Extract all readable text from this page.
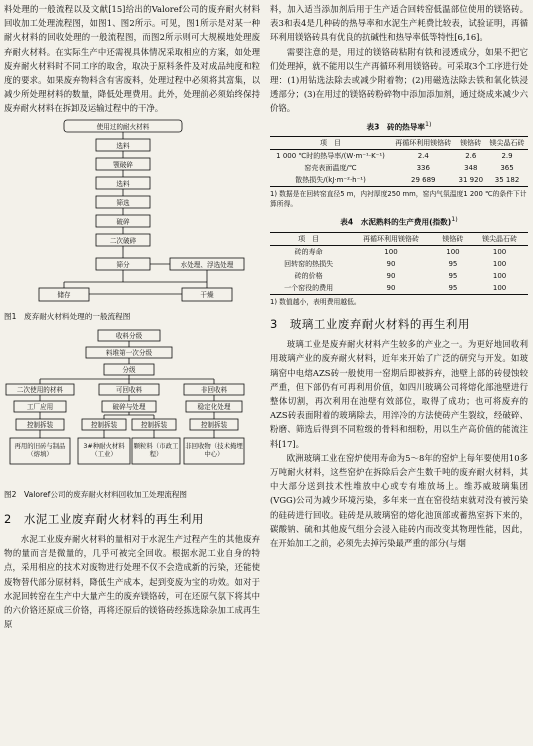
料处理的一般流程以及文献[15]给出的Valoref公司的废弃耐火材料回收加工处理流程图，如图1、图2所示。可见，图1所示是对某一种耐火材料的回收处理的一般流程图，而图2所示则可大规模地处理废弃耐火材料。在实际生产中还需视具体情况采取相应的方案，如处理废弃耐火材料时不同工序的取舍，取决于原料条件及对成品纯度和粒度的要求。如果废弃物料含有害废料，处理过程中必须将其富集，以减少所处理材料的数量，降低处理费用。此外，处理前必须始终保持废弃耐火材料在拆卸及运输过程中的干净。

使用过的耐火材料
选料
颚破碎
选料
筛选
破碎
二次破碎
筛分	水处理、浮选处理
储存	干燥
图1　废弃耐火材料处理的一般流程图
收料分级
料堆第一次分级
分级
二次使用的材料	可回收料	非回收料
工厂应用	破碎与处理	稳定化处理
控制拆装	控制拆装	控制拆装	控制拆装
再用的旧砖与制品（熔填）
3#种耐火材料（工业）
颗粒料（市政工程）
非回收物（技术掩埋中心）
图2　Valoref公司的废弃耐火材料回收加工处理流程图
2　水泥工业废弃耐火材料的再生利用

水泥工业废弃耐火材料的量相对于水泥生产过程产生的其他废弃物的量而言是微量的，几乎可被完全回收。根据水泥工业自身的特点，采用相应的技术对废物进行处理不仅不会造成新的污染，还能使废物替代部分原材料，降低生产成本，起到变废为宝的功效。如对于水泥回转窑在生产中大量产生的废弃镁铬砖，可在还原气氛下将其中的六价铬还原成三价铬，再将还原后的镁铬砖经拣选除杂加工成再生原

料，加入适当添加剂后用于生产适合回转窑低温部位使用的镁铬砖。表3和表4是几种砖的热导率和水泥生产耗费比较表，试验证明，再循环利用镁铬砖具有优良的抗碱性和热导率低等特性[6,16]。

需要注意的是，用过的镁铬砖粘附有铁和浸透成分，如果不把它们处理掉，就不能用以生产再循环利用镁铬砖。可采取3个工序进行处理：(1)用钻选法除去或减少附着物；(2)用磁选法除去铁和氧化铁浸透部分；(3)在用过的镁铬砖粉碎物中添加添加剂，通过烧成来减少六价铬。

表3　砖的热导率$^{1)}$
项　目	再循环利用镁铬砖	镁铬砖	镁尖晶石砖
1 000 ℃时的热导率/(W·m⁻¹·K⁻¹)	2.4	2.6	2.9
窑壳表面温度/℃	336	348	365
散热损失/(kJ·m⁻²·h⁻¹)	29 689	31 920	35 182
1) 数据是在回转窑直径5 m，内衬厚度250 mm，窑内气氛温度1 200 ℃的条件下计算所得。
表4　水泥熟料的生产费用(指数)$^{1)}$
项　目	再循环利用镁铬砖	镁铬砖	镁尖晶石砖
砖的寿命	100	100	100
回转窑的热损失	90	95	100
砖的价格	90	95	100
一个窑役的费用	90	95	100
1) 数值越小，表明费用越低。
3　玻璃工业废弃耐火材料的再生利用

玻璃工业是废弃耐火材料产生较多的产业之一。为更好地回收利用玻璃产业的废弃耐火材料，近年来开始了广泛的研究与开发。如玻璃窑中电熔AZS砖一般使用一窑期后即被拆弃，池壁上部的砖侵蚀较严重，但下部仍有可再利用价值，如四川玻璃公司将熔化部池壁进行整体切割，再次利用在池壁有效部位，取得了成功；也可将废弃的AZS砖表面附着的玻璃除去，用淬冷的方法使砖产生裂纹，经破碎、粉磨、筛选后得到不同粒级的骨料和细粉，用以生产高价值的能流注料[17]。

欧洲玻璃工业在窑炉使用寿命为5～8年的窑炉上每年要使用10多万吨耐火材料，这些窑炉在拆除后会产生数千吨的废弃耐火材料，其中大部分送到技术性堆放中心或专有堆放场上。维苏威玻璃集团(VGG)公司为减少环境污染，多年来一直在窑役结束就对没有被污染的硅砖进行回收。硅砖是从玻璃窑的熔化池顶部或蓄热室拆下来的，碳酸钠、硫和其他废气组分会浸入硅砖内而改变其物理性能，因此，在开始加工之前，必须先去掉污染最严重的部分(与烟
